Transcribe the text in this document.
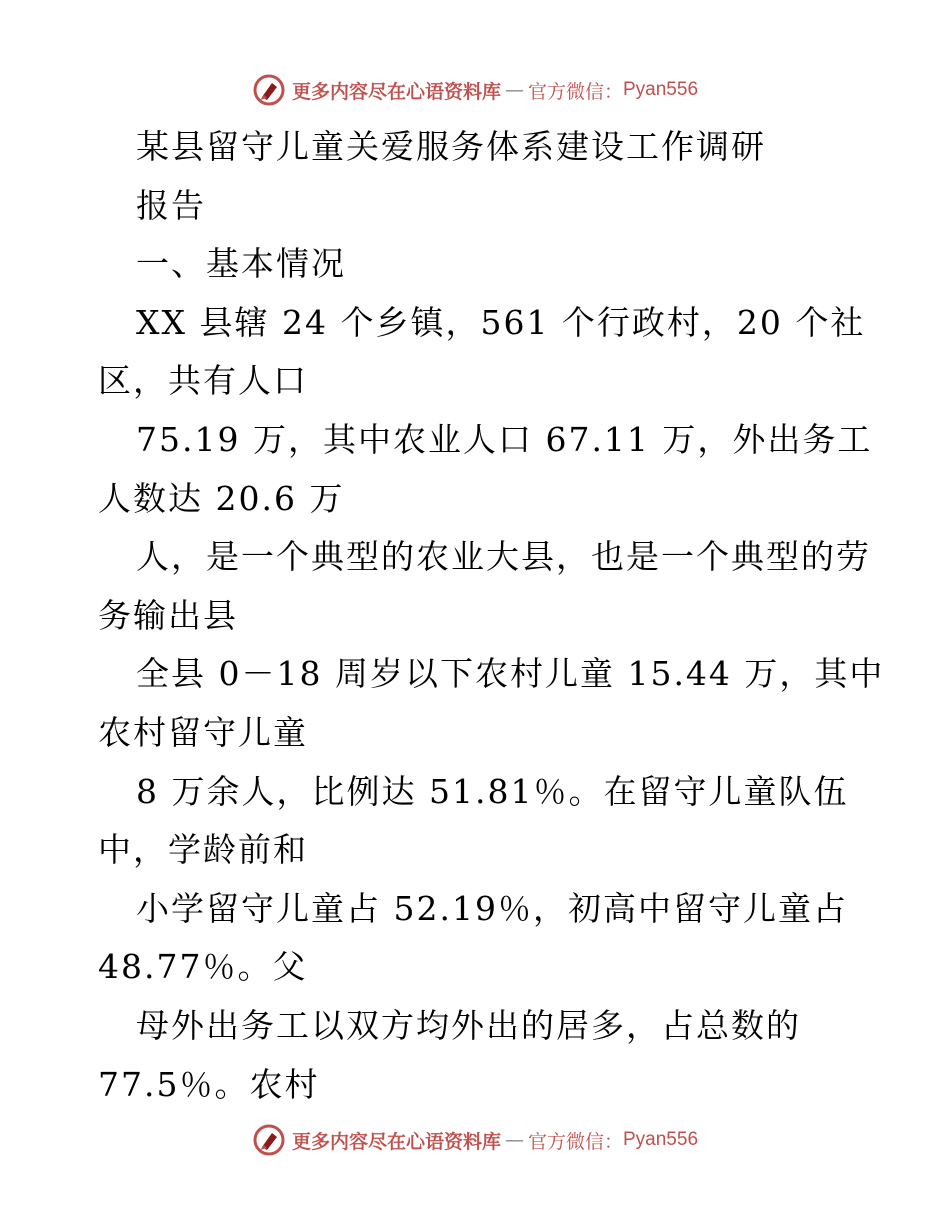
更多内容尽在心语资料库 — 官方微信： Pyan556
某县留守儿童关爱服务体系建设工作调研
报告
一、基本情况
XX 县辖 24 个乡镇，561 个行政村，20 个社
区，共有人口
75.19 万，其中农业人口 67.11 万，外出务工
人数达 20.6 万
人，是一个典型的农业大县，也是一个典型的劳
务输出县
全县 0－18 周岁以下农村儿童 15.44 万，其中
农村留守儿童
8 万余人，比例达 51.81％。在留守儿童队伍
中，学龄前和
小学留守儿童占 52.19％，初高中留守儿童占
48.77％。父
母外出务工以双方均外出的居多，占总数的
77.5％。农村
更多内容尽在心语资料库 — 官方微信： Pyan556
